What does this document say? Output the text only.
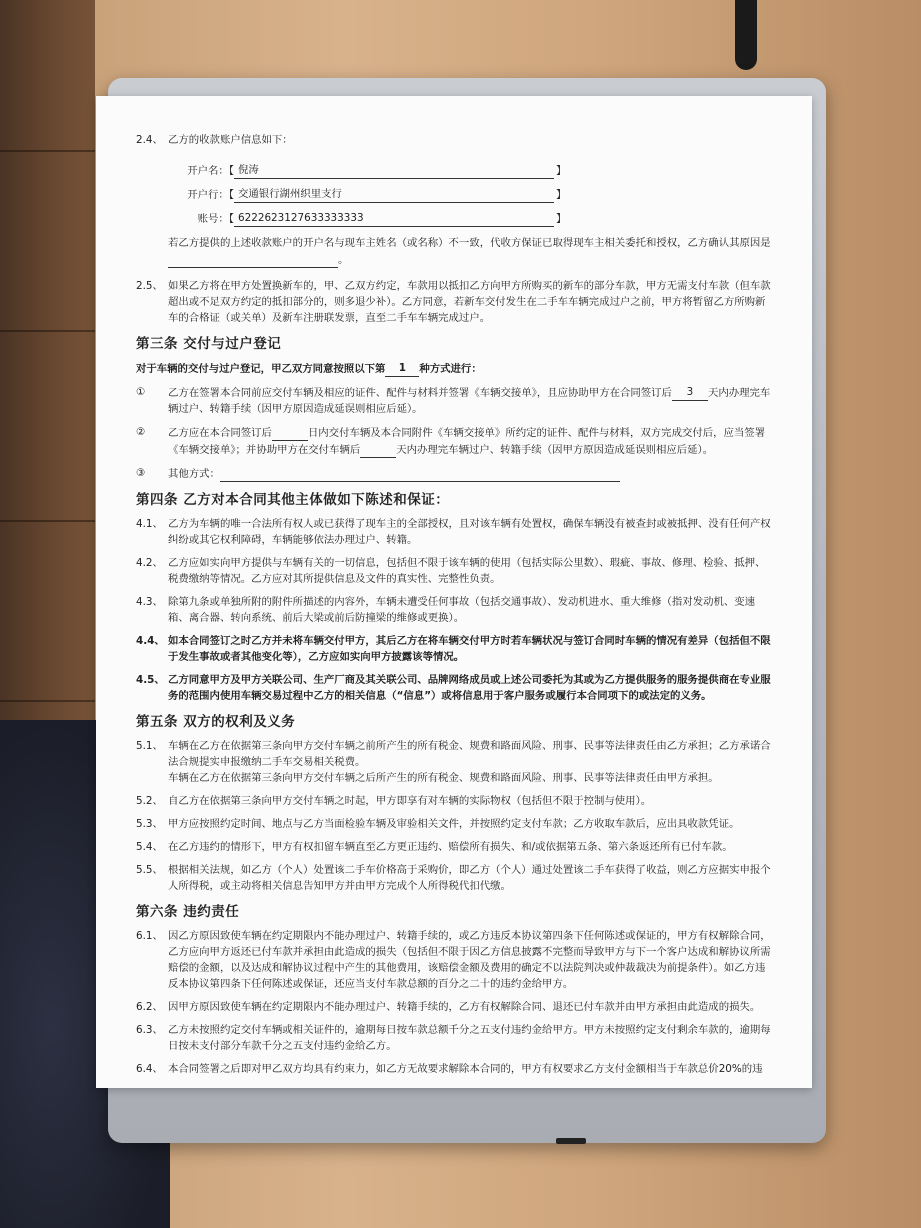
2.4、 乙方的收款账户信息如下：
开户名：【 倪涛	】
开户行：【 交通银行湖州织里支行	】
账号：【 6222623127633333333	】
若乙方提供的上述收款账户的开户名与现车主姓名（或名称）不一致，代收方保证已取得现车主相关委托和授权，乙方确认其原因是  。
2.5、 如果乙方将在甲方处置换新车的，甲、乙双方约定，车款用以抵扣乙方向甲方所购买的新车的部分车款，甲方无需支付车款（但车款超出或不足双方约定的抵扣部分的，则多退少补）。乙方同意，若新车交付发生在二手车车辆完成过户之前，甲方将暂留乙方所购新车的合格证（或关单）及新车注册联发票，直至二手车车辆完成过户。
第三条 交付与过户登记
对于车辆的交付与过户登记，甲乙双方同意按照以下第 1 种方式进行：
① 乙方在签署本合同前应交付车辆及相应的证件、配件与材料并签署《车辆交接单》，且应协助甲方在合同签订后 3 天内办理完车辆过户、转籍手续（因甲方原因造成延误则相应后延）。
② 乙方应在本合同签订后	日内交付车辆及本合同附件《车辆交接单》所约定的证件、配件与材料，双方完成交付后，应当签署《车辆交接单》；并协助甲方在交付车辆后	天内办理完车辆过户、转籍手续（因甲方原因造成延误则相应后延）。
③ 其他方式：
第四条 乙方对本合同其他主体做如下陈述和保证：
4.1、 乙方为车辆的唯一合法所有权人或已获得了现车主的全部授权，且对该车辆有处置权，确保车辆没有被查封或被抵押、没有任何产权纠纷或其它权利障碍，车辆能够依法办理过户、转籍。
4.2、 乙方应如实向甲方提供与车辆有关的一切信息，包括但不限于该车辆的使用（包括实际公里数）、瑕疵、事故、修理、检验、抵押、税费缴纳等情况。乙方应对其所提供信息及文件的真实性、完整性负责。
4.3、 除第九条或单独所附的附件所描述的内容外，车辆未遭受任何事故（包括交通事故）、发动机进水、重大维修（指对发动机、变速箱、离合器、转向系统、前后大梁或前后防撞梁的维修或更换）。
4.4、 如本合同签订之时乙方并未将车辆交付甲方，其后乙方在将车辆交付甲方时若车辆状况与签订合同时车辆的情况有差异（包括但不限于发生事故或者其他变化等），乙方应如实向甲方披露该等情况。
4.5、 乙方同意甲方及甲方关联公司、生产厂商及其关联公司、品牌网络成员或上述公司委托为其或为乙方提供服务的服务提供商在专业服务的范围内使用车辆交易过程中乙方的相关信息（“信息”）或将信息用于客户服务或履行本合同项下的或法定的义务。
第五条 双方的权利及义务
5.1、 车辆在乙方在依据第三条向甲方交付车辆之前所产生的所有税金、规费和路面风险、刑事、民事等法律责任由乙方承担；乙方承诺合法合规提实申报缴纳二手车交易相关税费。
车辆在乙方在依据第三条向甲方交付车辆之后所产生的所有税金、规费和路面风险、刑事、民事等法律责任由甲方承担。
5.2、 自乙方在依据第三条向甲方交付车辆之时起，甲方即享有对车辆的实际物权（包括但不限于控制与使用）。
5.3、 甲方应按照约定时间、地点与乙方当面检验车辆及审验相关文件，并按照约定支付车款；乙方收取车款后，应出具收款凭证。
5.4、 在乙方违约的情形下，甲方有权扣留车辆直至乙方更正违约、赔偿所有损失、和/或依据第五条、第六条返还所有已付车款。
5.5、 根据相关法规，如乙方（个人）处置该二手车价格高于采购价，即乙方（个人）通过处置该二手车获得了收益，则乙方应据实申报个人所得税，或主动将相关信息告知甲方并由甲方完成个人所得税代扣代缴。
第六条 违约责任
6.1、 因乙方原因致使车辆在约定期限内不能办理过户、转籍手续的，或乙方违反本协议第四条下任何陈述或保证的，甲方有权解除合同，乙方应向甲方返还已付车款并承担由此造成的损失（包括但不限于因乙方信息披露不完整而导致甲方与下一个客户达成和解协议所需赔偿的金额，以及达成和解协议过程中产生的其他费用，该赔偿金额及费用的确定不以法院判决或仲裁裁决为前提条件）。如乙方违反本协议第四条下任何陈述或保证，还应当支付车款总额的百分之二十的违约金给甲方。
6.2、 因甲方原因致使车辆在约定期限内不能办理过户、转籍手续的，乙方有权解除合同、退还已付车款并由甲方承担由此造成的损失。
6.3、 乙方未按照约定交付车辆或相关证件的，逾期每日按车款总额千分之五支付违约金给甲方。甲方未按照约定支付剩余车款的，逾期每日按未支付部分车款千分之五支付违约金给乙方。
6.4、 本合同签署之后即对甲乙双方均具有约束力，如乙方无故要求解除本合同的，甲方有权要求乙方支付金额相当于车款总价20%的违
